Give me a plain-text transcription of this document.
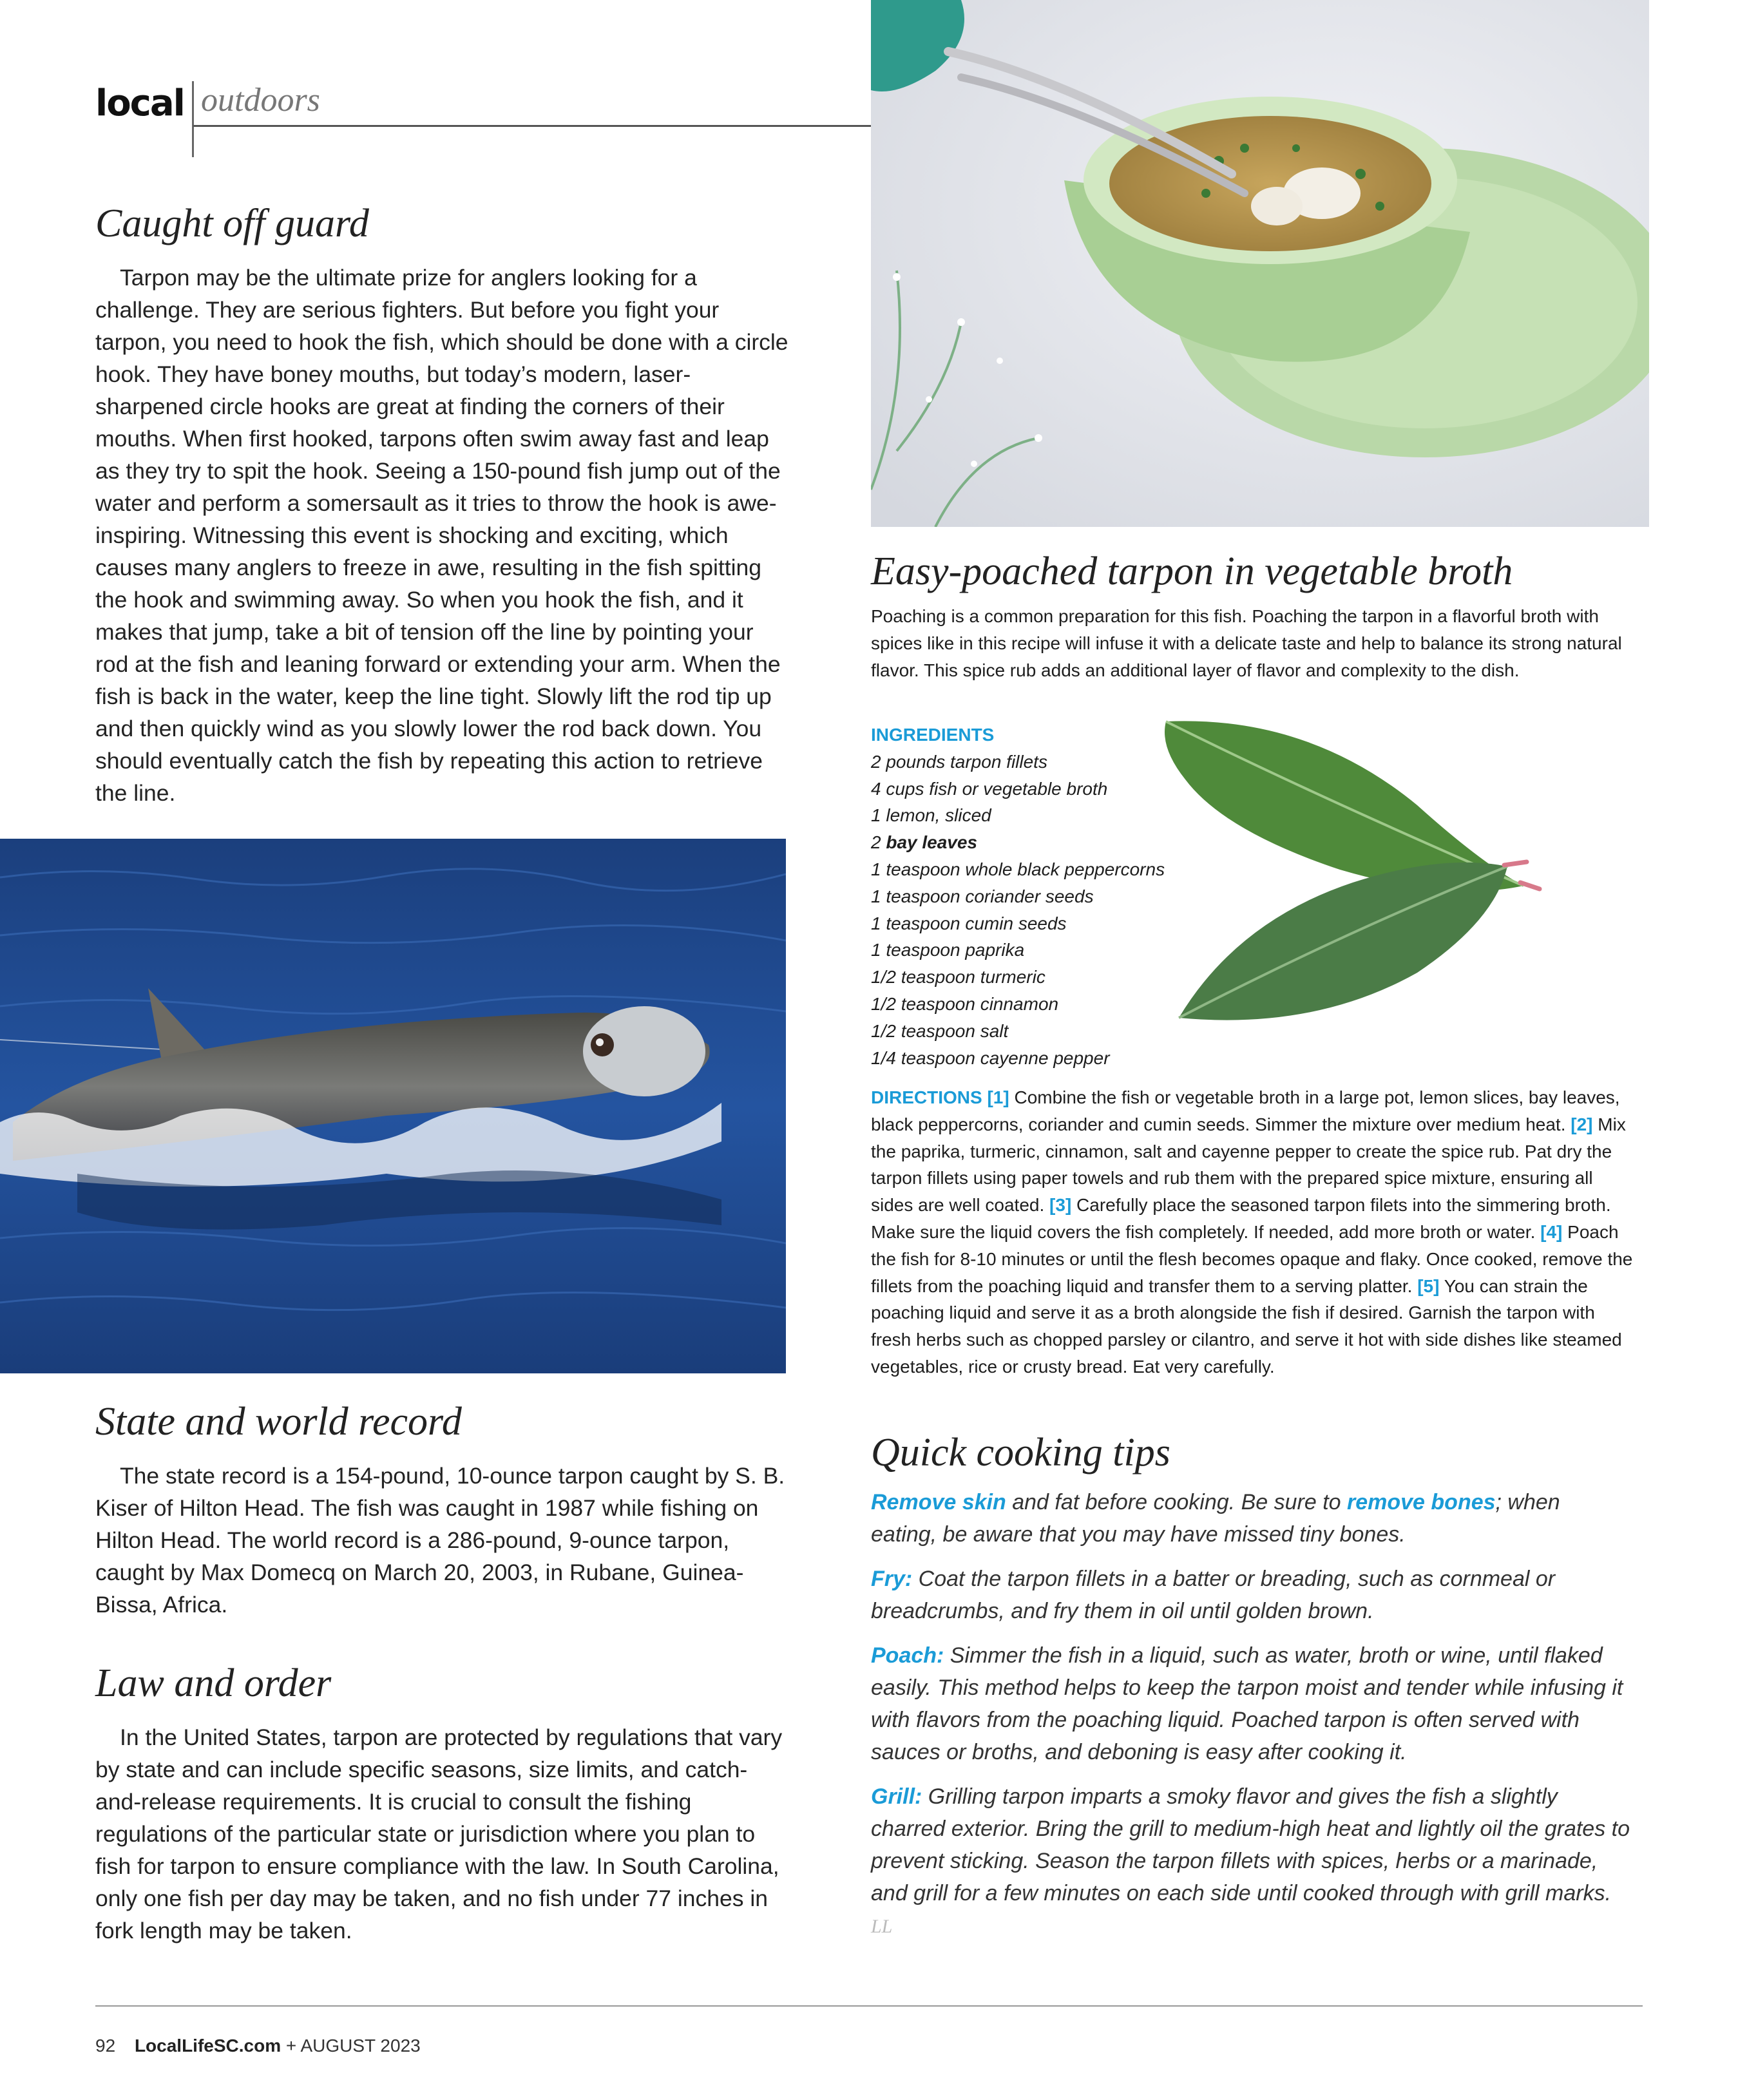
local outdoors
Caught off guard

Tarpon may be the ultimate prize for anglers looking for a challenge. They are serious fighters. But before you fight your tarpon, you need to hook the fish, which should be done with a circle hook. They have boney mouths, but today’s modern, laser-sharpened circle hooks are great at finding the corners of their mouths. When first hooked, tarpons often swim away fast and leap as they try to spit the hook. Seeing a 150-pound fish jump out of the water and perform a somersault as it tries to throw the hook is awe-inspiring. Witnessing this event is shocking and exciting, which causes many anglers to freeze in awe, resulting in the fish spitting the hook and swimming away. So when you hook the fish, and it makes that jump, take a bit of tension off the line by pointing your rod at the fish and leaning forward or extending your arm. When the fish is back in the water, keep the line tight. Slowly lift the rod tip up and then quickly wind as you slowly lower the rod back down. You should eventually catch the fish by repeating this action to retrieve the line.

State and world record

The state record is a 154-pound, 10-ounce tarpon caught by S. B. Kiser of Hilton Head. The fish was caught in 1987 while fishing on Hilton Head. The world record is a 286-pound, 9-ounce tarpon, caught by Max Domecq on March 20, 2003, in Rubane, Guinea-Bissa, Africa.

Law and order

In the United States, tarpon are protected by regulations that vary by state and can include specific seasons, size limits, and catch-and-release requirements. It is crucial to consult the fishing regulations of the particular state or jurisdiction where you plan to fish for tarpon to ensure compliance with the law. In South Carolina, only one fish per day may be taken, and no fish under 77 inches in fork length may be taken.

Easy-poached tarpon in vegetable broth

Poaching is a common preparation for this fish. Poaching the tarpon in a flavorful broth with spices like in this recipe will infuse it with a delicate taste and help to balance its strong natural flavor. This spice rub adds an additional layer of flavor and complexity to the dish.

INGREDIENTS
2 pounds tarpon fillets
4 cups fish or vegetable broth
1 lemon, sliced
2 bay leaves
1 teaspoon whole black peppercorns
1 teaspoon coriander seeds
1 teaspoon cumin seeds
1 teaspoon paprika
1/2 teaspoon turmeric
1/2 teaspoon cinnamon
1/2 teaspoon salt
1/4 teaspoon cayenne pepper

DIRECTIONS [1] Combine the fish or vegetable broth in a large pot, lemon slices, bay leaves, black peppercorns, coriander and cumin seeds. Simmer the mixture over medium heat. [2] Mix the paprika, turmeric, cinnamon, salt and cayenne pepper to create the spice rub. Pat dry the tarpon fillets using paper towels and rub them with the prepared spice mixture, ensuring all sides are well coated. [3] Carefully place the seasoned tarpon filets into the simmering broth. Make sure the liquid covers the fish completely. If needed, add more broth or water. [4] Poach the fish for 8-10 minutes or until the flesh becomes opaque and flaky. Once cooked, remove the fillets from the poaching liquid and transfer them to a serving platter. [5] You can strain the poaching liquid and serve it as a broth alongside the fish if desired. Garnish the tarpon with fresh herbs such as chopped parsley or cilantro, and serve it hot with side dishes like steamed vegetables, rice or crusty bread. Eat very carefully.

Quick cooking tips

Remove skin and fat before cooking. Be sure to remove bones; when eating, be aware that you may have missed tiny bones.

Fry: Coat the tarpon fillets in a batter or breading, such as cornmeal or breadcrumbs, and fry them in oil until golden brown.

Poach: Simmer the fish in a liquid, such as water, broth or wine, until flaked easily. This method helps to keep the tarpon moist and tender while infusing it with flavors from the poaching liquid. Poached tarpon is often served with sauces or broths, and deboning is easy after cooking it.

Grill: Grilling tarpon imparts a smoky flavor and gives the fish a slightly charred exterior. Bring the grill to medium-high heat and lightly oil the grates to prevent sticking. Season the tarpon fillets with spices, herbs or a marinade, and grill for a few minutes on each side until cooked through with grill marks. LL

92 LocalLifeSC.com + AUGUST 2023
